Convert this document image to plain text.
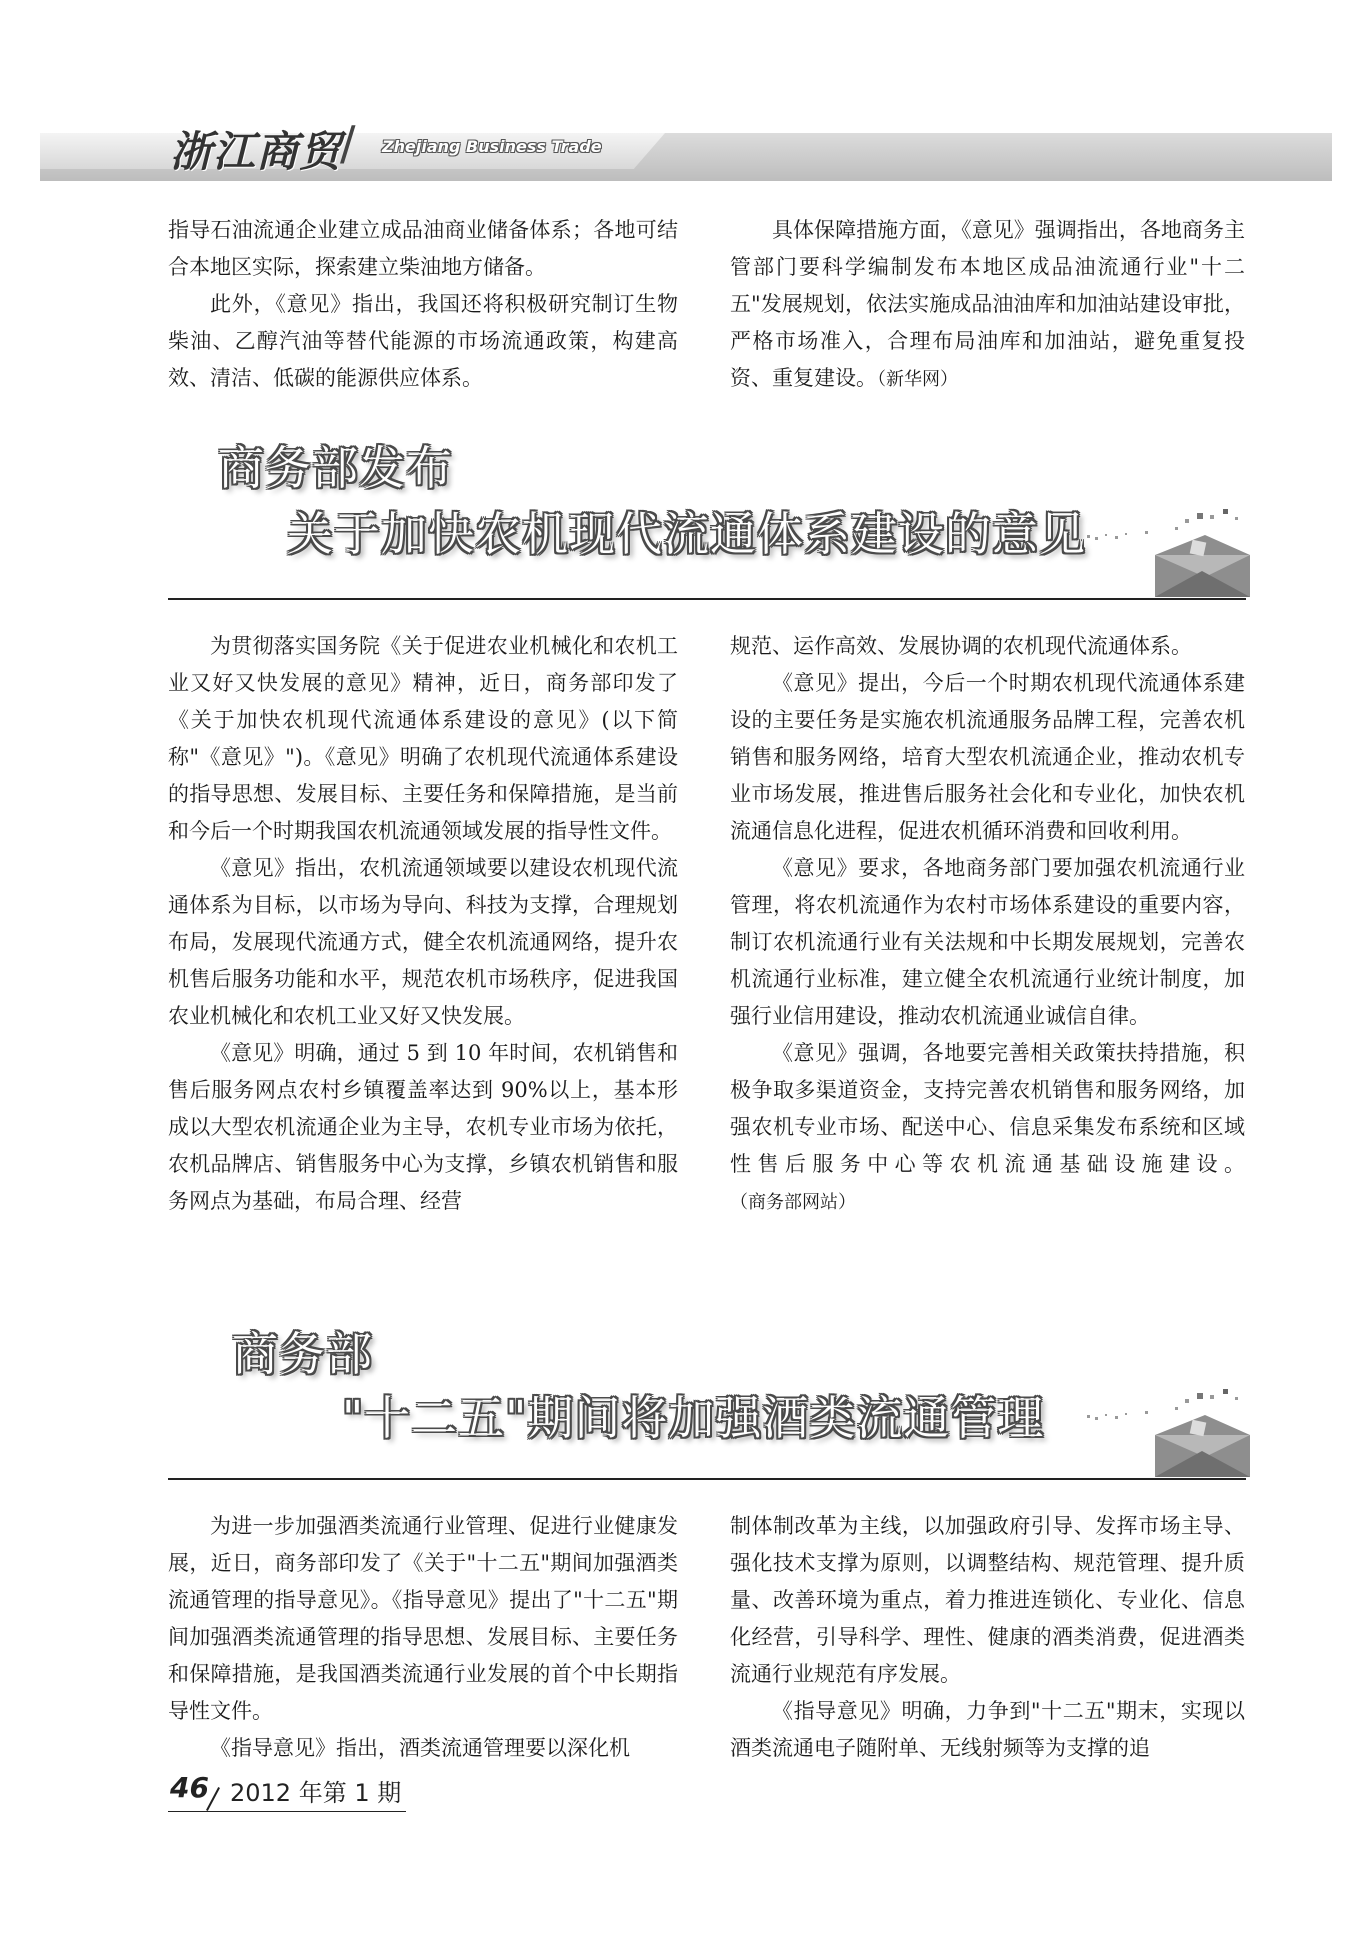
浙江商贸
/ Zhejiang Business Trade

指导石油流通企业建立成品油商业储备体系；各地可结合本地区实际，探索建立柴油地方储备。

此外，《意见》指出，我国还将积极研究制订生物柴油、乙醇汽油等替代能源的市场流通政策，构建高效、清洁、低碳的能源供应体系。

具体保障措施方面，《意见》强调指出，各地商务主管部门要科学编制发布本地区成品油流通行业"十二五"发展规划，依法实施成品油油库和加油站建设审批，严格市场准入，合理布局油库和加油站，避免重复投资、重复建设。（新华网）

商务部发布
关于加快农机现代流通体系建设的意见

为贯彻落实国务院《关于促进农业机械化和农机工业又好又快发展的意见》精神，近日，商务部印发了《关于加快农机现代流通体系建设的意见》(以下简称"《意见》")。《意见》明确了农机现代流通体系建设的指导思想、发展目标、主要任务和保障措施，是当前和今后一个时期我国农机流通领域发展的指导性文件。

《意见》指出，农机流通领域要以建设农机现代流通体系为目标，以市场为导向、科技为支撑，合理规划布局，发展现代流通方式，健全农机流通网络，提升农机售后服务功能和水平，规范农机市场秩序，促进我国农业机械化和农机工业又好又快发展。

《意见》明确，通过 5 到 10 年时间，农机销售和售后服务网点农村乡镇覆盖率达到 90%以上，基本形成以大型农机流通企业为主导，农机专业市场为依托，农机品牌店、销售服务中心为支撑，乡镇农机销售和服务网点为基础，布局合理、经营

规范、运作高效、发展协调的农机现代流通体系。

《意见》提出，今后一个时期农机现代流通体系建设的主要任务是实施农机流通服务品牌工程，完善农机销售和服务网络，培育大型农机流通企业，推动农机专业市场发展，推进售后服务社会化和专业化，加快农机流通信息化进程，促进农机循环消费和回收利用。

《意见》要求，各地商务部门要加强农机流通行业管理，将农机流通作为农村市场体系建设的重要内容，制订农机流通行业有关法规和中长期发展规划，完善农机流通行业标准，建立健全农机流通行业统计制度，加强行业信用建设，推动农机流通业诚信自律。

《意见》强调，各地要完善相关政策扶持措施，积极争取多渠道资金，支持完善农机销售和服务网络，加强农机专业市场、配送中心、信息采集发布系统和区域性售后服务中心等农机流通基础设施建设。（商务部网站）

商务部
"十二五"期间将加强酒类流通管理

为进一步加强酒类流通行业管理、促进行业健康发展，近日，商务部印发了《关于"十二五"期间加强酒类流通管理的指导意见》。《指导意见》提出了"十二五"期间加强酒类流通管理的指导思想、发展目标、主要任务和保障措施，是我国酒类流通行业发展的首个中长期指导性文件。

《指导意见》指出，酒类流通管理要以深化机

制体制改革为主线，以加强政府引导、发挥市场主导、强化技术支撑为原则，以调整结构、规范管理、提升质量、改善环境为重点，着力推进连锁化、专业化、信息化经营，引导科学、理性、健康的酒类消费，促进酒类流通行业规范有序发展。

《指导意见》明确，力争到"十二五"期末，实现以酒类流通电子随附单、无线射频等为支撑的追

46 2012 年第 1 期
